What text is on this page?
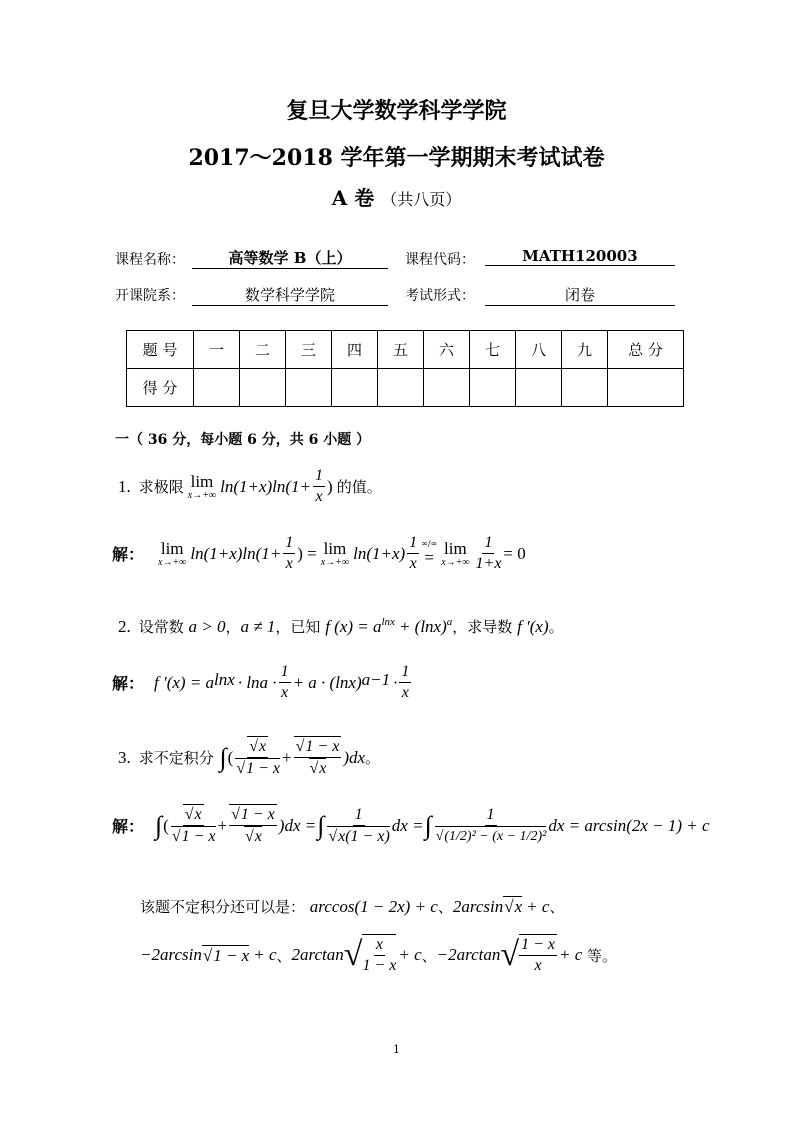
复旦大学数学科学学院
2017～2018 学年第一学期期末考试试卷
A 卷 （共八页）
课程名称：	高等数学 B（上）	课程代码：	MATH120003
开课院系：	数学科学学院	考试形式：	闭卷
题 号	一	二	三	四	五	六	七	八	九	总 分
得 分										
一（ 36 分，每小题 6 分，共 6 小题 ）
1. 求极限 lim
x→+∞ $\ln(1+x)\ln(1+ \frac{1}{x}$ ) 的值。
解： lim
x→+∞ $\ln(1+x)\ln(1+ \frac{1}{x}$ ) = lim
x→+∞ $\ln(1+x) \frac{1}{x}$ ∞/∞
= lim
$x\to+\infty \frac{1}{1+x} = 0$
2. 设常数
a > 0 ， a ≠ 1 ，已知
f $(x) = a^{lnx} + (\ln x)^a$ ，求导数
f ′(x) 。
解： f ′(x) = a $\ln x \cdot \ln a \cdot \frac{1}{x} + a \cdot (\ln x) a-1 \cdot \frac{1}{x}$
3. 求不定积分
∫ ( √ x
√ 1 − x + √ 1 − x
√ x )dx 。
解： ∫ ( √ x
√ 1 − x + √ 1 − x
√ x )dx = ∫ 1
√ x(1 − x) dx = ∫ 1
√ (1/2)² − (x − 1/2)² dx = arcsin(2x − 1) + c
该题不定积分还可以是：
arccos(1 − 2x) + c 、 2arcsin √ x + c 、
−2arcsin √ 1 − x + c 、 2arctan √ $\frac{x}{1 - x} + c$ 、 −2arctan √ $\frac{1 - x}{x} + c$
等。
1
